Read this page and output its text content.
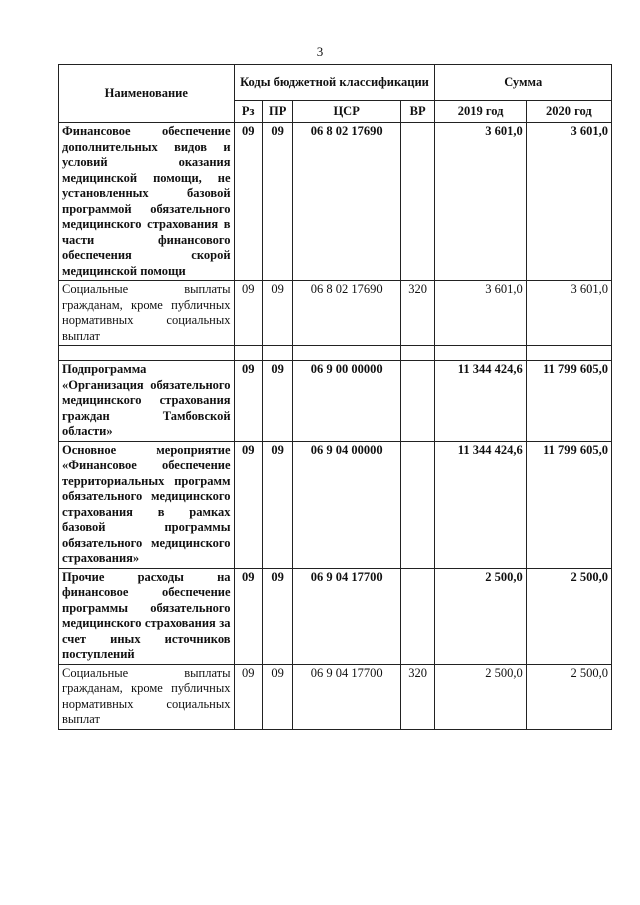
3
Наименование	Коды бюджетной классификации				Сумма	
	Рз	ПР	ЦСР	ВР	2019 год	2020 год
Финансовое обеспечение дополнительных видов и условий оказания медицинской помощи, не установленных базовой программой обязательного медицинского страхования в части финансового обеспечения скорой медицинской помощи	09	09	06 8 02 17690		3 601,0	3 601,0
Социальные выплаты гражданам, кроме публичных нормативных социальных выплат	09	09	06 8 02 17690	320	3 601,0	3 601,0

Подпрограмма «Организация обязательного медицинского страхования граждан Тамбовской области»	09	09	06 9 00 00000		11 344 424,6	11 799 605,0
Основное мероприятие «Финансовое обеспечение территориальных программ обязательного медицинского страхования в рамках базовой программы обязательного медицинского страхования»	09	09	06 9 04 00000		11 344 424,6	11 799 605,0
Прочие расходы на финансовое обеспечение программы обязательного медицинского страхования за счет иных источников поступлений	09	09	06 9 04 17700		2 500,0	2 500,0
Социальные выплаты гражданам, кроме публичных нормативных социальных выплат	09	09	06 9 04 17700	320	2 500,0	2 500,0
